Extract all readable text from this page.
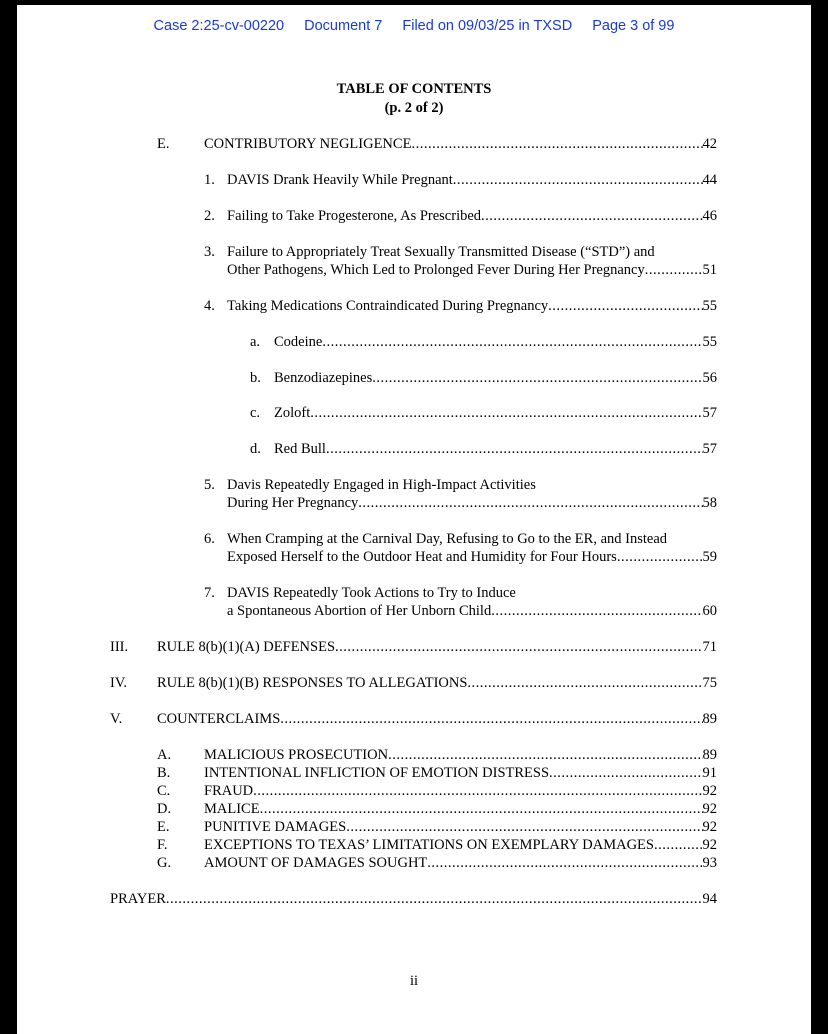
Case 2:25-cv-00220 Document 7 Filed on 09/03/25 in TXSD Page 3 of 99
TABLE OF CONTENTS
(p. 2 of 2)
E.	CONTRIBUTORY NEGLIGENCE .....	42
1. DAVIS Drank Heavily While Pregnant .....	44
2. Failing to Take Progesterone, As Prescribed .....	46
3. Failure to Appropriately Treat Sexually Transmitted Disease (“STD”) and
Other Pathogens, Which Led to Prolonged Fever During Her Pregnancy .....	51
4. Taking Medications Contraindicated During Pregnancy .....	55
a. Codeine .....	55
b. Benzodiazepines .....	56
c. Zoloft .....	57
d. Red Bull .....	57
5. Davis Repeatedly Engaged in High-Impact Activities
During Her Pregnancy .....	58
6. When Cramping at the Carnival Day, Refusing to Go to the ER, and Instead
Exposed Herself to the Outdoor Heat and Humidity for Four Hours .....	59
7. DAVIS Repeatedly Took Actions to Try to Induce
a Spontaneous Abortion of Her Unborn Child .....	60
III.	RULE 8(b)(1)(A) DEFENSES .....	71
IV.	RULE 8(b)(1)(B) RESPONSES TO ALLEGATIONS .....	75
V.	COUNTERCLAIMS .....	89
A.	MALICIOUS PROSECUTION .....	89
B.	INTENTIONAL INFLICTION OF EMOTION DISTRESS .....	91
C.	FRAUD .....	92
D.	MALICE .....	92
E.	PUNITIVE DAMAGES .....	92
F.	EXCEPTIONS TO TEXAS’ LIMITATIONS ON EXEMPLARY DAMAGES .....	92
G.	AMOUNT OF DAMAGES SOUGHT .....	93
PRAYER .....	94
ii
